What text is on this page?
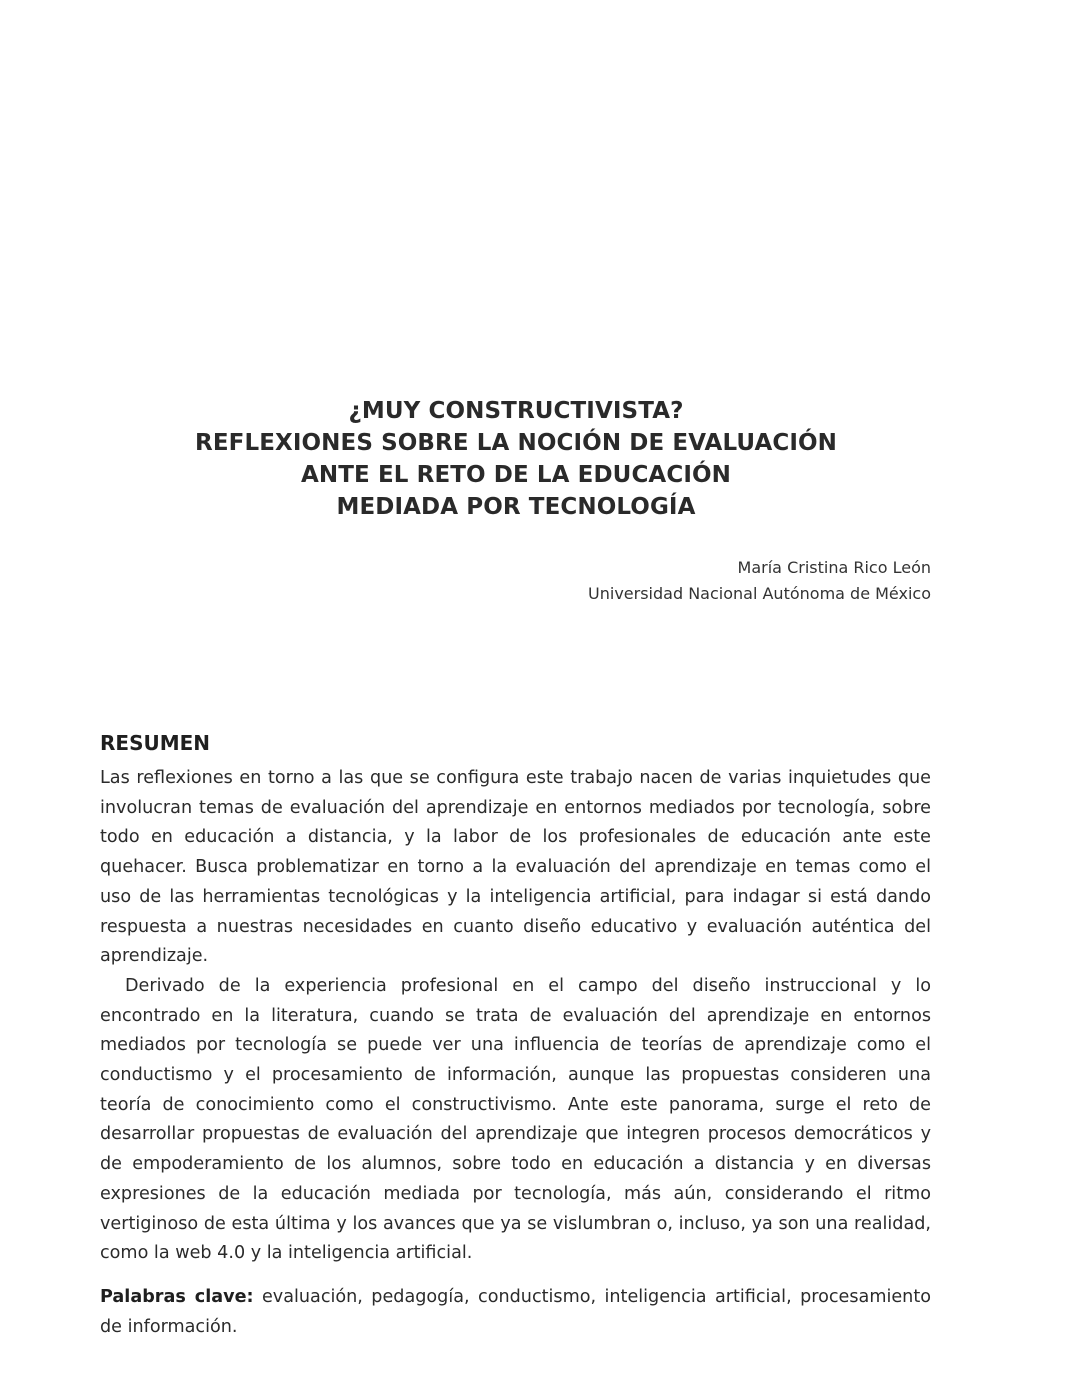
¿MUY CONSTRUCTIVISTA?
REFLEXIONES SOBRE LA NOCIÓN DE EVALUACIÓN
ANTE EL RETO DE LA EDUCACIÓN
MEDIADA POR TECNOLOGÍA
María Cristina Rico León
Universidad Nacional Autónoma de México
RESUMEN

Las reflexiones en torno a las que se configura este trabajo nacen de varias inquietudes que involucran temas de evaluación del aprendizaje en entornos mediados por tecnología, sobre todo en educación a distancia, y la labor de los profesionales de educación ante este quehacer. Busca problematizar en torno a la evaluación del aprendizaje en temas como el uso de las herramientas tecnológicas y la inteligencia artificial, para indagar si está dando respuesta a nuestras necesidades en cuanto diseño educativo y evaluación auténtica del aprendizaje.

Derivado de la experiencia profesional en el campo del diseño instruccional y lo encontrado en la literatura, cuando se trata de evaluación del aprendizaje en entornos mediados por tecnología se puede ver una influencia de teorías de aprendizaje como el conductismo y el procesamiento de información, aunque las propuestas consideren una teoría de conocimiento como el constructivismo. Ante este panorama, surge el reto de desarrollar propuestas de evaluación del aprendizaje que integren procesos democráticos y de empoderamiento de los alumnos, sobre todo en educación a distancia y en diversas expresiones de la educación mediada por tecnología, más aún, considerando el ritmo vertiginoso de esta última y los avances que ya se vislumbran o, incluso, ya son una realidad, como la web 4.0 y la inteligencia artificial.

Palabras clave: evaluación, pedagogía, conductismo, inteligencia artificial, procesamiento de información.
